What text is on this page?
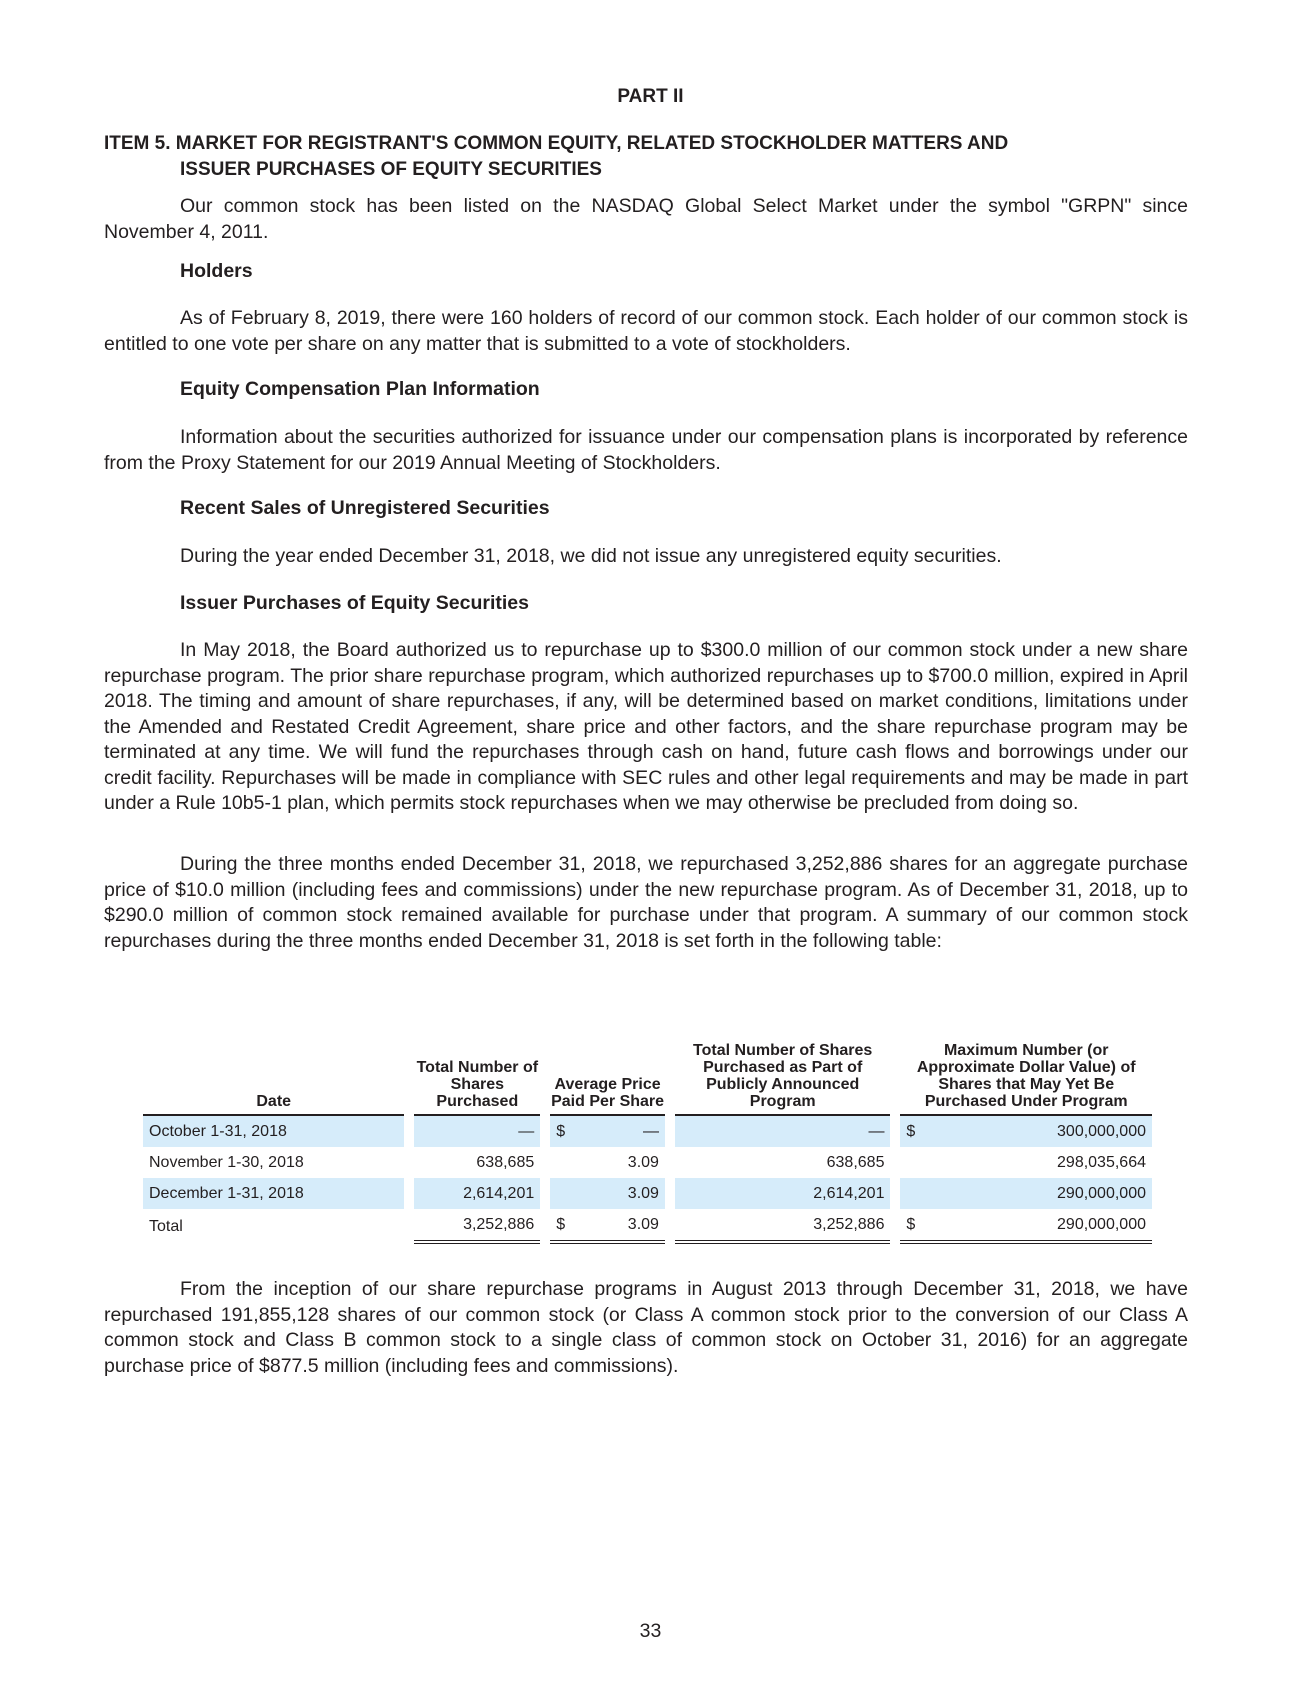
PART II
ITEM 5. MARKET FOR REGISTRANT'S COMMON EQUITY, RELATED STOCKHOLDER MATTERS AND
ISSUER PURCHASES OF EQUITY SECURITIES

Our common stock has been listed on the NASDAQ Global Select Market under the symbol "GRPN" since November 4, 2011.

Holders

As of February 8, 2019, there were 160 holders of record of our common stock. Each holder of our common stock is entitled to one vote per share on any matter that is submitted to a vote of stockholders.

Equity Compensation Plan Information

Information about the securities authorized for issuance under our compensation plans is incorporated by reference from the Proxy Statement for our 2019 Annual Meeting of Stockholders.

Recent Sales of Unregistered Securities

During the year ended December 31, 2018, we did not issue any unregistered equity securities.

Issuer Purchases of Equity Securities

In May 2018, the Board authorized us to repurchase up to $300.0 million of our common stock under a new share repurchase program. The prior share repurchase program, which authorized repurchases up to $700.0 million, expired in April 2018. The timing and amount of share repurchases, if any, will be determined based on market conditions, limitations under the Amended and Restated Credit Agreement, share price and other factors, and the share repurchase program may be terminated at any time. We will fund the repurchases through cash on hand, future cash flows and borrowings under our credit facility. Repurchases will be made in compliance with SEC rules and other legal requirements and may be made in part under a Rule 10b5-1 plan, which permits stock repurchases when we may otherwise be precluded from doing so.

During the three months ended December 31, 2018, we repurchased 3,252,886 shares for an aggregate purchase price of $10.0 million (including fees and commissions) under the new repurchase program. As of December 31, 2018, up to $290.0 million of common stock remained available for purchase under that program. A summary of our common stock repurchases during the three months ended December 31, 2018 is set forth in the following table:

Date		Total Number of Shares Purchased		Average Price Paid Per Share			Total Number of Shares Purchased as Part of Publicly Announced Program		Maximum Number (or Approximate Dollar Value) of Shares that May Yet Be Purchased Under Program	
October 1-31, 2018		—		$	—		—		$	300,000,000
November 1-30, 2018		638,685			3.09		638,685			298,035,664
December 1-31, 2018		2,614,201			3.09		2,614,201			290,000,000
Total		3,252,886		$	3.09		3,252,886		$	290,000,000

From the inception of our share repurchase programs in August 2013 through December 31, 2018, we have repurchased 191,855,128 shares of our common stock (or Class A common stock prior to the conversion of our Class A common stock and Class B common stock to a single class of common stock on October 31, 2016) for an aggregate purchase price of $877.5 million (including fees and commissions).

33
